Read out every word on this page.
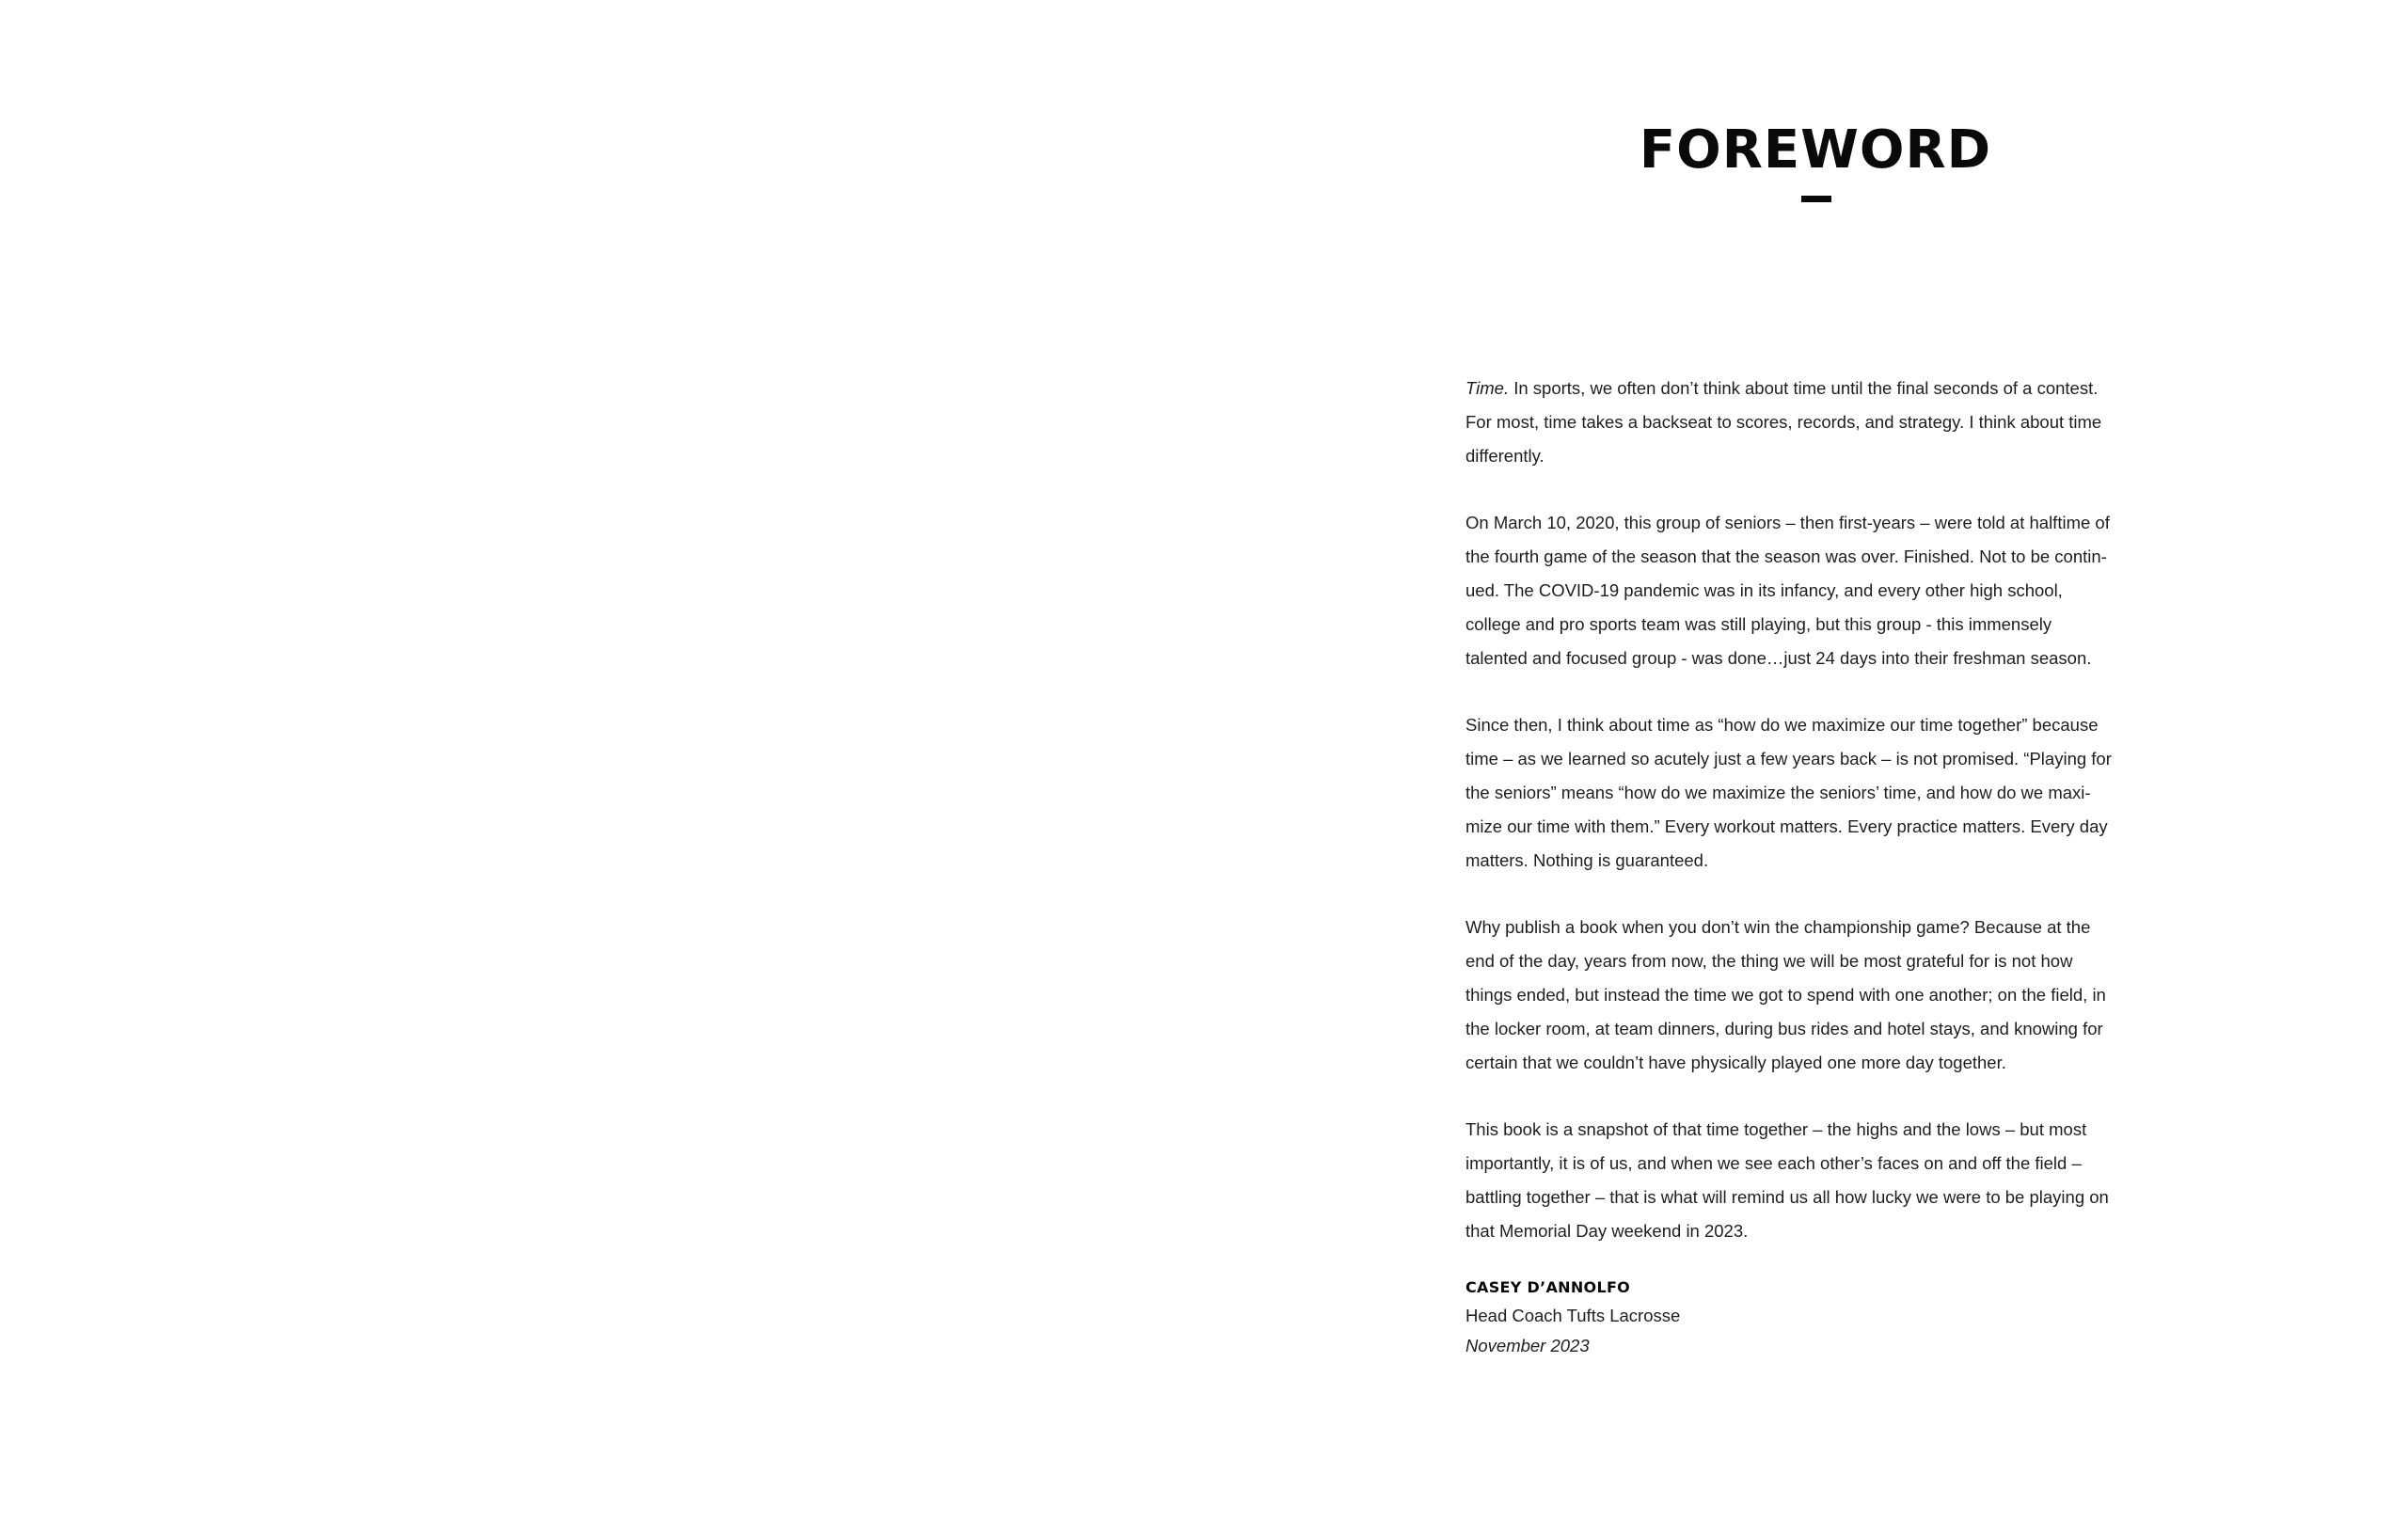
FOREWORD

Time. In sports, we often don’t think about time until the final seconds of a contest. For most, time takes a backseat to scores, records, and strategy. I think about time differently.

On March 10, 2020, this group of seniors – then first-years – were told at halftime of the fourth game of the season that the season was over. Finished. Not to be continued. The COVID-19 pandemic was in its infancy, and every other high school, college and pro sports team was still playing, but this group - this immensely talented and focused group - was done…just 24 days into their freshman season.

Since then, I think about time as “how do we maximize our time together” because time – as we learned so acutely just a few years back – is not promised. “Playing for the seniors” means “how do we maximize the seniors’ time, and how do we maximize our time with them.” Every workout matters. Every practice matters. Every day matters. Nothing is guaranteed.

Why publish a book when you don’t win the championship game? Because at the end of the day, years from now, the thing we will be most grateful for is not how things ended, but instead the time we got to spend with one another; on the field, in the locker room, at team dinners, during bus rides and hotel stays, and knowing for certain that we couldn’t have physically played one more day together.

This book is a snapshot of that time together – the highs and the lows – but most importantly, it is of us, and when we see each other’s faces on and off the field – battling together – that is what will remind us all how lucky we were to be playing on that Memorial Day weekend in 2023.

CASEY D’ANNOLFO
Head Coach Tufts Lacrosse
November 2023
